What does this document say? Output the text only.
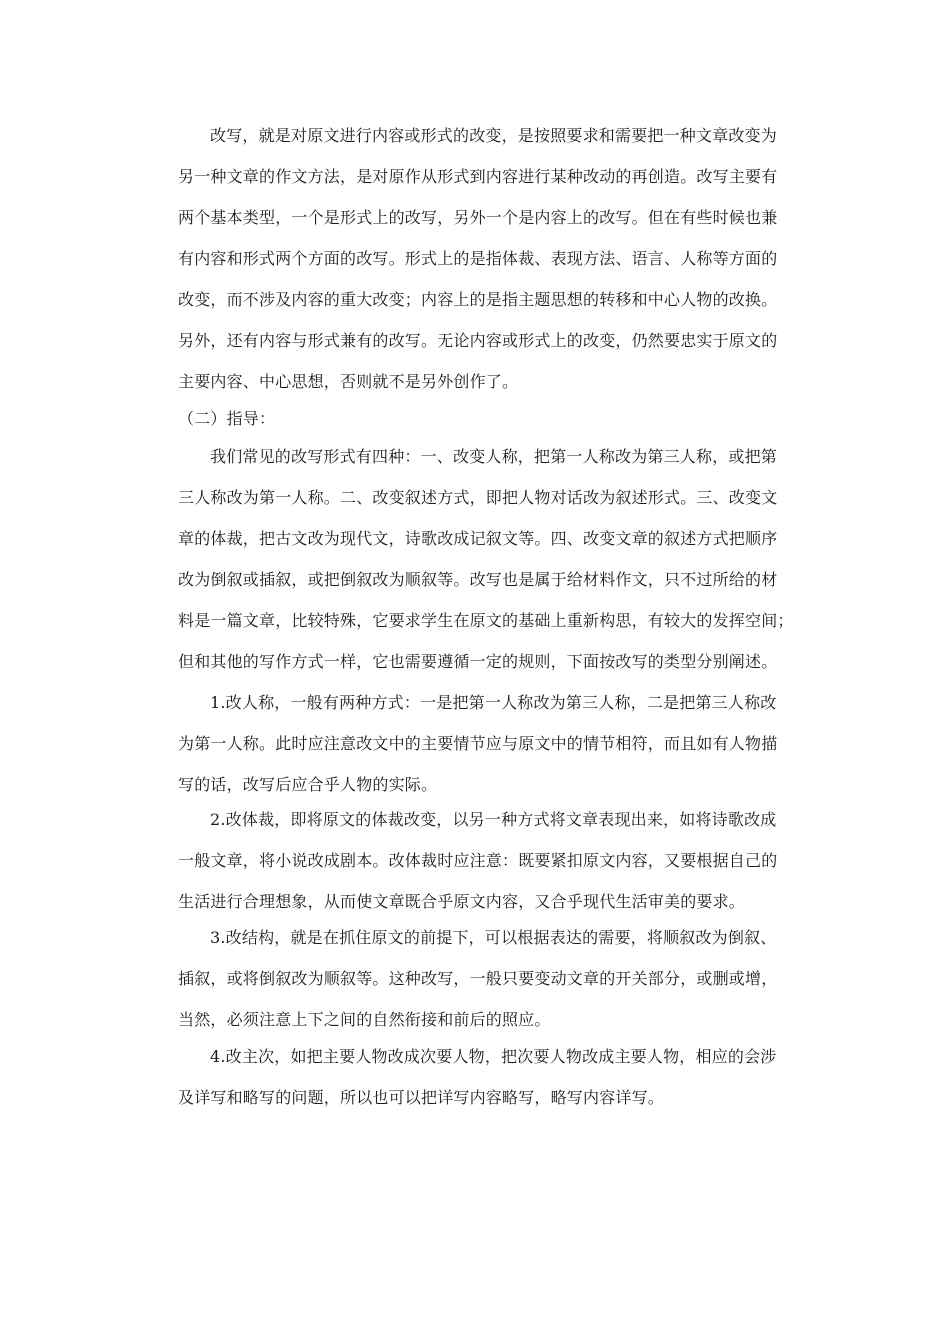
改写，就是对原文进行内容或形式的改变，是按照要求和需要把一种文章改变为
另一种文章的作文方法，是对原作从形式到内容进行某种改动的再创造。改写主要有
两个基本类型，一个是形式上的改写，另外一个是内容上的改写。但在有些时候也兼
有内容和形式两个方面的改写。形式上的是指体裁、表现方法、语言、人称等方面的
改变，而不涉及内容的重大改变；内容上的是指主题思想的转移和中心人物的改换。
另外，还有内容与形式兼有的改写。无论内容或形式上的改变，仍然要忠实于原文的
主要内容、中心思想，否则就不是另外创作了。
（二）指导：
我们常见的改写形式有四种：一、改变人称，把第一人称改为第三人称，或把第
三人称改为第一人称。二、改变叙述方式，即把人物对话改为叙述形式。三、改变文
章的体裁，把古文改为现代文，诗歌改成记叙文等。四、改变文章的叙述方式把顺序
改为倒叙或插叙，或把倒叙改为顺叙等。改写也是属于给材料作文，只不过所给的材
料是一篇文章，比较特殊，它要求学生在原文的基础上重新构思，有较大的发挥空间；
但和其他的写作方式一样，它也需要遵循一定的规则，下面按改写的类型分别阐述。
1.改人称，一般有两种方式：一是把第一人称改为第三人称，二是把第三人称改
为第一人称。此时应注意改文中的主要情节应与原文中的情节相符，而且如有人物描
写的话，改写后应合乎人物的实际。
2.改体裁，即将原文的体裁改变，以另一种方式将文章表现出来，如将诗歌改成
一般文章，将小说改成剧本。改体裁时应注意：既要紧扣原文内容，又要根据自己的
生活进行合理想象，从而使文章既合乎原文内容，又合乎现代生活审美的要求。
3.改结构，就是在抓住原文的前提下，可以根据表达的需要，将顺叙改为倒叙、
插叙，或将倒叙改为顺叙等。这种改写，一般只要变动文章的开关部分，或删或增，
当然，必须注意上下之间的自然衔接和前后的照应。
4.改主次，如把主要人物改成次要人物，把次要人物改成主要人物，相应的会涉
及详写和略写的问题，所以也可以把详写内容略写，略写内容详写。
